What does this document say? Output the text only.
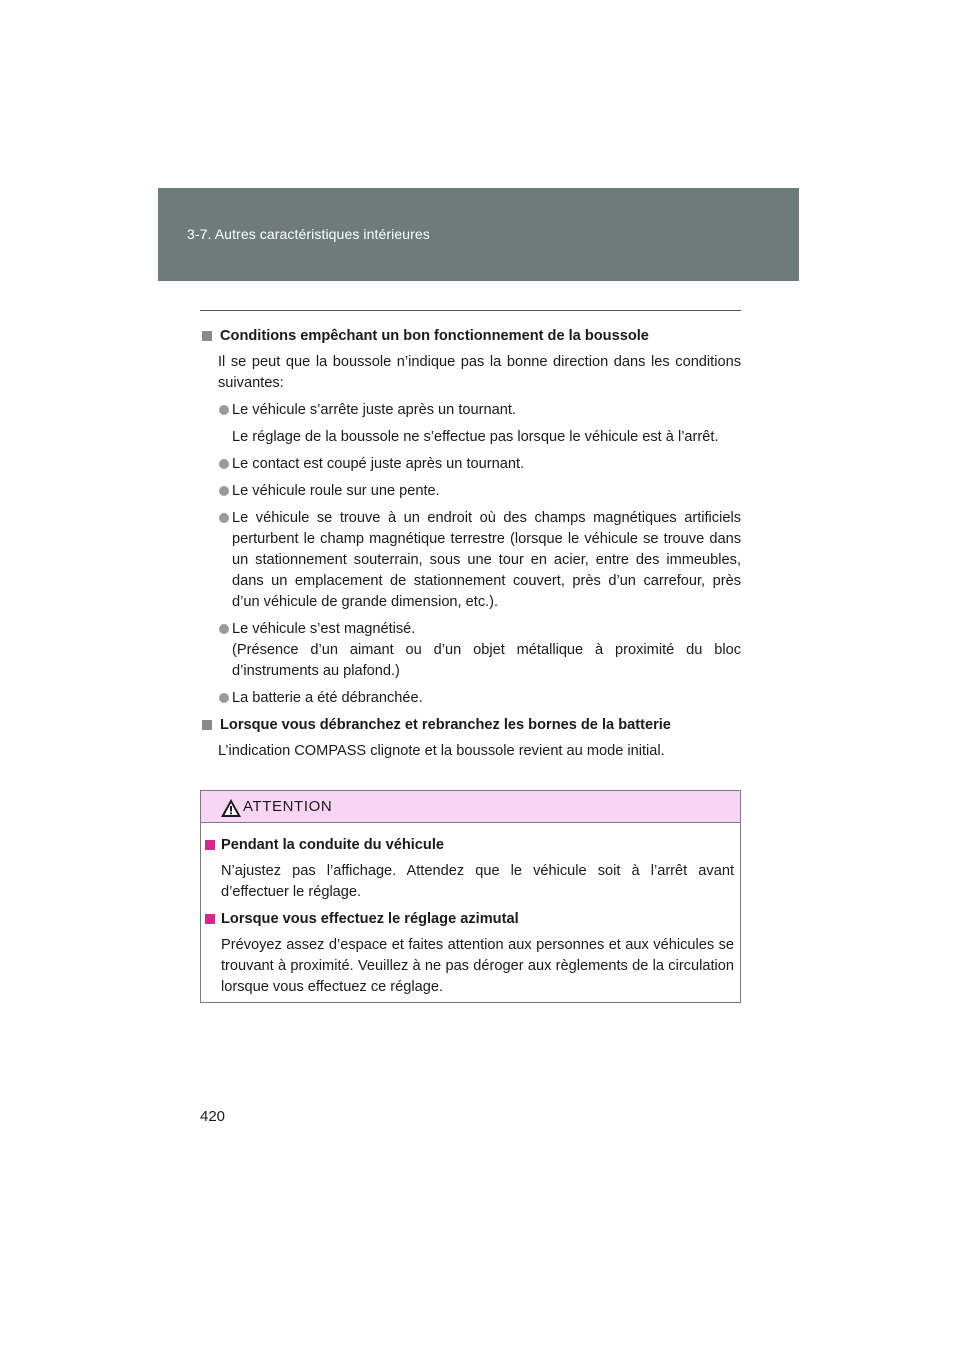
3-7. Autres caractéristiques intérieures
Conditions empêchant un bon fonctionnement de la boussole
Il se peut que la boussole n’indique pas la bonne direction dans les conditions suivantes:
Le véhicule s’arrête juste après un tournant.
Le réglage de la boussole ne s’effectue pas lorsque le véhicule est à l’arrêt.
Le contact est coupé juste après un tournant.
Le véhicule roule sur une pente.
Le véhicule se trouve à un endroit où des champs magnétiques artificiels perturbent le champ magnétique terrestre (lorsque le véhicule se trouve dans un stationnement souterrain, sous une tour en acier, entre des immeubles, dans un emplacement de stationnement couvert, près d’un carrefour, près d’un véhicule de grande dimension, etc.).
Le véhicule s’est magnétisé.
(Présence d’un aimant ou d’un objet métallique à proximité du bloc d’instruments au plafond.)
La batterie a été débranchée.
Lorsque vous débranchez et rebranchez les bornes de la batterie
L’indication COMPASS clignote et la boussole revient au mode initial.
ATTENTION
Pendant la conduite du véhicule
N’ajustez pas l’affichage. Attendez que le véhicule soit à l’arrêt avant d’effectuer le réglage.
Lorsque vous effectuez le réglage azimutal
Prévoyez assez d’espace et faites attention aux personnes et aux véhicules se trouvant à proximité. Veuillez à ne pas déroger aux règlements de la circulation lorsque vous effectuez ce réglage.
420
